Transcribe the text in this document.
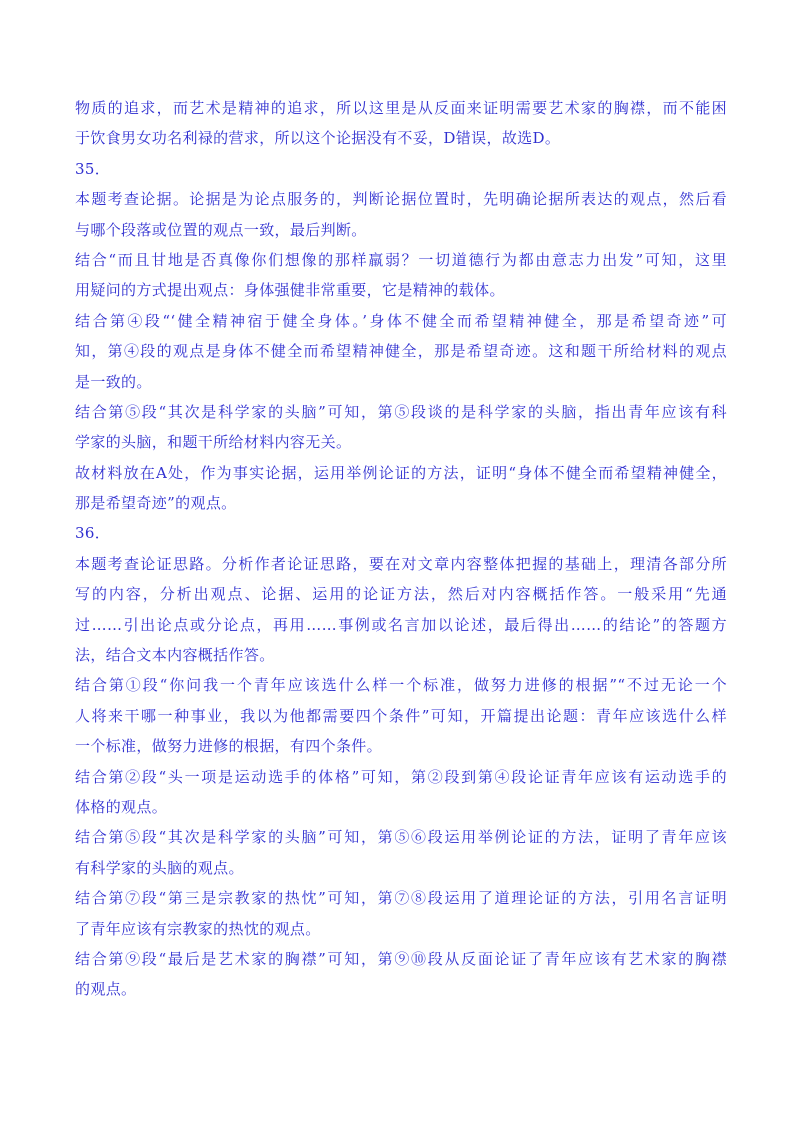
物质的追求，而艺术是精神的追求，所以这里是从反面来证明需要艺术家的胸襟，而不能困
于饮食男女功名利禄的营求，所以这个论据没有不妥，D错误，故选D。
35．
本题考查论据。论据是为论点服务的，判断论据位置时，先明确论据所表达的观点，然后看
与哪个段落或位置的观点一致，最后判断。
结合“而且甘地是否真像你们想像的那样羸弱？一切道德行为都由意志力出发”可知，这里
用疑问的方式提出观点：身体强健非常重要，它是精神的载体。
结合第④段“‘健全精神宿于健全身体。’身体不健全而希望精神健全，那是希望奇迹”可
知，第④段的观点是身体不健全而希望精神健全，那是希望奇迹。这和题干所给材料的观点
是一致的。
结合第⑤段“其次是科学家的头脑”可知，第⑤段谈的是科学家的头脑，指出青年应该有科
学家的头脑，和题干所给材料内容无关。
故材料放在A处，作为事实论据，运用举例论证的方法，证明“身体不健全而希望精神健全，
那是希望奇迹”的观点。
36．
本题考查论证思路。分析作者论证思路，要在对文章内容整体把握的基础上，理清各部分所
写的内容，分析出观点、论据、运用的论证方法，然后对内容概括作答。一般采用“先通
过……引出论点或分论点，再用……事例或名言加以论述，最后得出……的结论”的答题方
法，结合文本内容概括作答。
结合第①段“你问我一个青年应该选什么样一个标准，做努力进修的根据”“不过无论一个
人将来干哪一种事业，我以为他都需要四个条件”可知，开篇提出论题：青年应该选什么样
一个标准，做努力进修的根据，有四个条件。
结合第②段“头一项是运动选手的体格”可知，第②段到第④段论证青年应该有运动选手的
体格的观点。
结合第⑤段“其次是科学家的头脑”可知，第⑤⑥段运用举例论证的方法，证明了青年应该
有科学家的头脑的观点。
结合第⑦段“第三是宗教家的热忱”可知，第⑦⑧段运用了道理论证的方法，引用名言证明
了青年应该有宗教家的热忱的观点。
结合第⑨段“最后是艺术家的胸襟”可知，第⑨⑩段从反面论证了青年应该有艺术家的胸襟
的观点。
